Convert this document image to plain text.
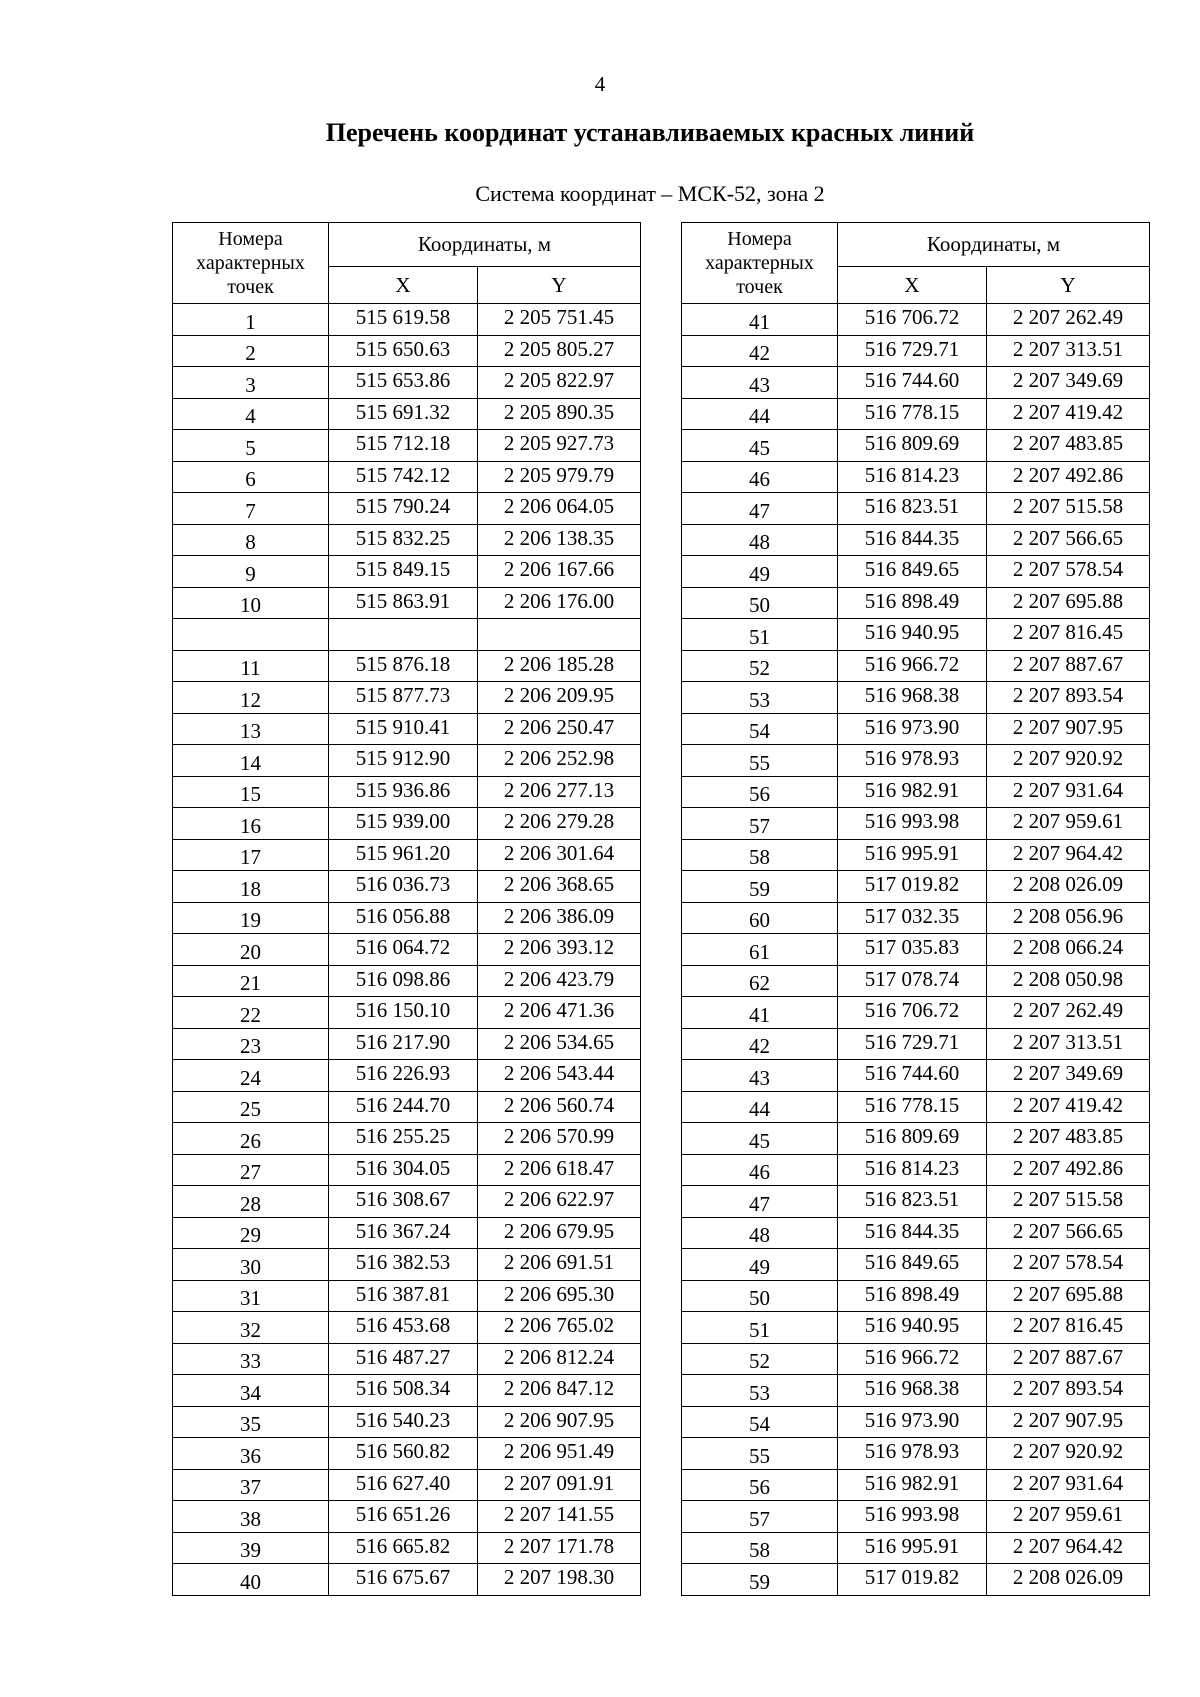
4
Перечень координат устанавливаемых красных линий
Система координат – МСК-52, зона 2
Номера характерных точек	Координаты, м	
	X	Y
1	515 619.58	2 205 751.45
2	515 650.63	2 205 805.27
3	515 653.86	2 205 822.97
4	515 691.32	2 205 890.35
5	515 712.18	2 205 927.73
6	515 742.12	2 205 979.79
7	515 790.24	2 206 064.05
8	515 832.25	2 206 138.35
9	515 849.15	2 206 167.66
10	515 863.91	2 206 176.00

11	515 876.18	2 206 185.28
12	515 877.73	2 206 209.95
13	515 910.41	2 206 250.47
14	515 912.90	2 206 252.98
15	515 936.86	2 206 277.13
16	515 939.00	2 206 279.28
17	515 961.20	2 206 301.64
18	516 036.73	2 206 368.65
19	516 056.88	2 206 386.09
20	516 064.72	2 206 393.12
21	516 098.86	2 206 423.79
22	516 150.10	2 206 471.36
23	516 217.90	2 206 534.65
24	516 226.93	2 206 543.44
25	516 244.70	2 206 560.74
26	516 255.25	2 206 570.99
27	516 304.05	2 206 618.47
28	516 308.67	2 206 622.97
29	516 367.24	2 206 679.95
30	516 382.53	2 206 691.51
31	516 387.81	2 206 695.30
32	516 453.68	2 206 765.02
33	516 487.27	2 206 812.24
34	516 508.34	2 206 847.12
35	516 540.23	2 206 907.95
36	516 560.82	2 206 951.49
37	516 627.40	2 207 091.91
38	516 651.26	2 207 141.55
39	516 665.82	2 207 171.78
40	516 675.67	2 207 198.30
Номера характерных точек	Координаты, м	
	X	Y
41	516 706.72	2 207 262.49
42	516 729.71	2 207 313.51
43	516 744.60	2 207 349.69
44	516 778.15	2 207 419.42
45	516 809.69	2 207 483.85
46	516 814.23	2 207 492.86
47	516 823.51	2 207 515.58
48	516 844.35	2 207 566.65
49	516 849.65	2 207 578.54
50	516 898.49	2 207 695.88
51	516 940.95	2 207 816.45
52	516 966.72	2 207 887.67
53	516 968.38	2 207 893.54
54	516 973.90	2 207 907.95
55	516 978.93	2 207 920.92
56	516 982.91	2 207 931.64
57	516 993.98	2 207 959.61
58	516 995.91	2 207 964.42
59	517 019.82	2 208 026.09
60	517 032.35	2 208 056.96
61	517 035.83	2 208 066.24
62	517 078.74	2 208 050.98
41	516 706.72	2 207 262.49
42	516 729.71	2 207 313.51
43	516 744.60	2 207 349.69
44	516 778.15	2 207 419.42
45	516 809.69	2 207 483.85
46	516 814.23	2 207 492.86
47	516 823.51	2 207 515.58
48	516 844.35	2 207 566.65
49	516 849.65	2 207 578.54
50	516 898.49	2 207 695.88
51	516 940.95	2 207 816.45
52	516 966.72	2 207 887.67
53	516 968.38	2 207 893.54
54	516 973.90	2 207 907.95
55	516 978.93	2 207 920.92
56	516 982.91	2 207 931.64
57	516 993.98	2 207 959.61
58	516 995.91	2 207 964.42
59	517 019.82	2 208 026.09
